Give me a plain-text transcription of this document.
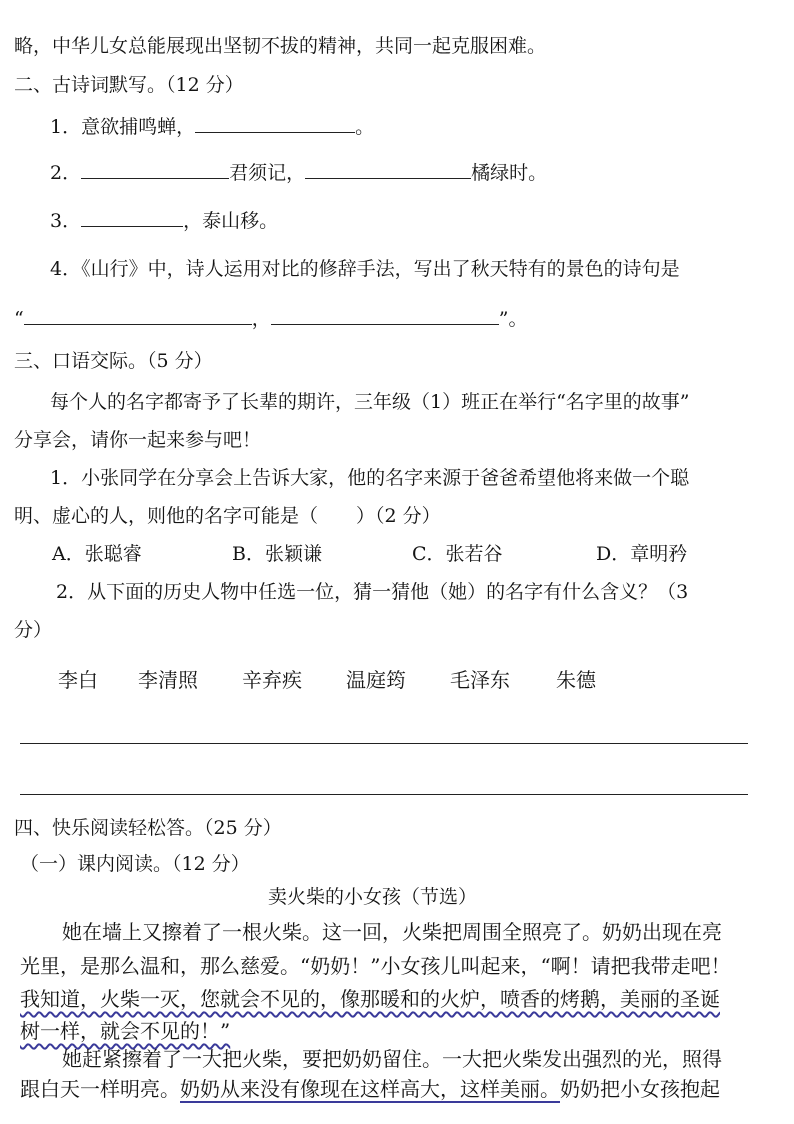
略，中华儿女总能展现出坚韧不拔的精神，共同一起克服困难。
二、古诗词默写。（12 分）
1．意欲捕鸣蝉，	。
2．	君须记，	橘绿时。
3．	，泰山移。
4．《山行》中，诗人运用对比的修辞手法，写出了秋天特有的景色的诗句是
“	，	”。
三、口语交际。（5 分）
每个人的名字都寄予了长辈的期许，三年级（1）班正在举行“名字里的故事”
分享会，请你一起来参与吧！
1．小张同学在分享会上告诉大家，他的名字来源于爸爸希望他将来做一个聪
明、虚心的人，则他的名字可能是（　　）（2 分）
A．张聪睿	B．张颖谦	C．张若谷	D．章明矜
2．从下面的历史人物中任选一位，猜一猜他（她）的名字有什么含义？（3
分）
李白 李清照 辛弃疾 温庭筠 毛泽东 朱德
四、快乐阅读轻松答。（25 分）
（一）课内阅读。（12 分）
卖火柴的小女孩（节选）
她在墙上又擦着了一根火柴。这一回，火柴把周围全照亮了。奶奶出现在亮
光里，是那么温和，那么慈爱。“奶奶！”小女孩儿叫起来，“啊！请把我带走吧！
我知道，火柴一灭，您就会不见的，像那暖和的火炉，喷香的烤鹅，美丽的圣诞
树一样，就会不见的！”
她赶紧擦着了一大把火柴，要把奶奶留住。一大把火柴发出强烈的光，照得
跟白天一样明亮。奶奶从来没有像现在这样高大，这样美丽。奶奶把小女孩抱起
